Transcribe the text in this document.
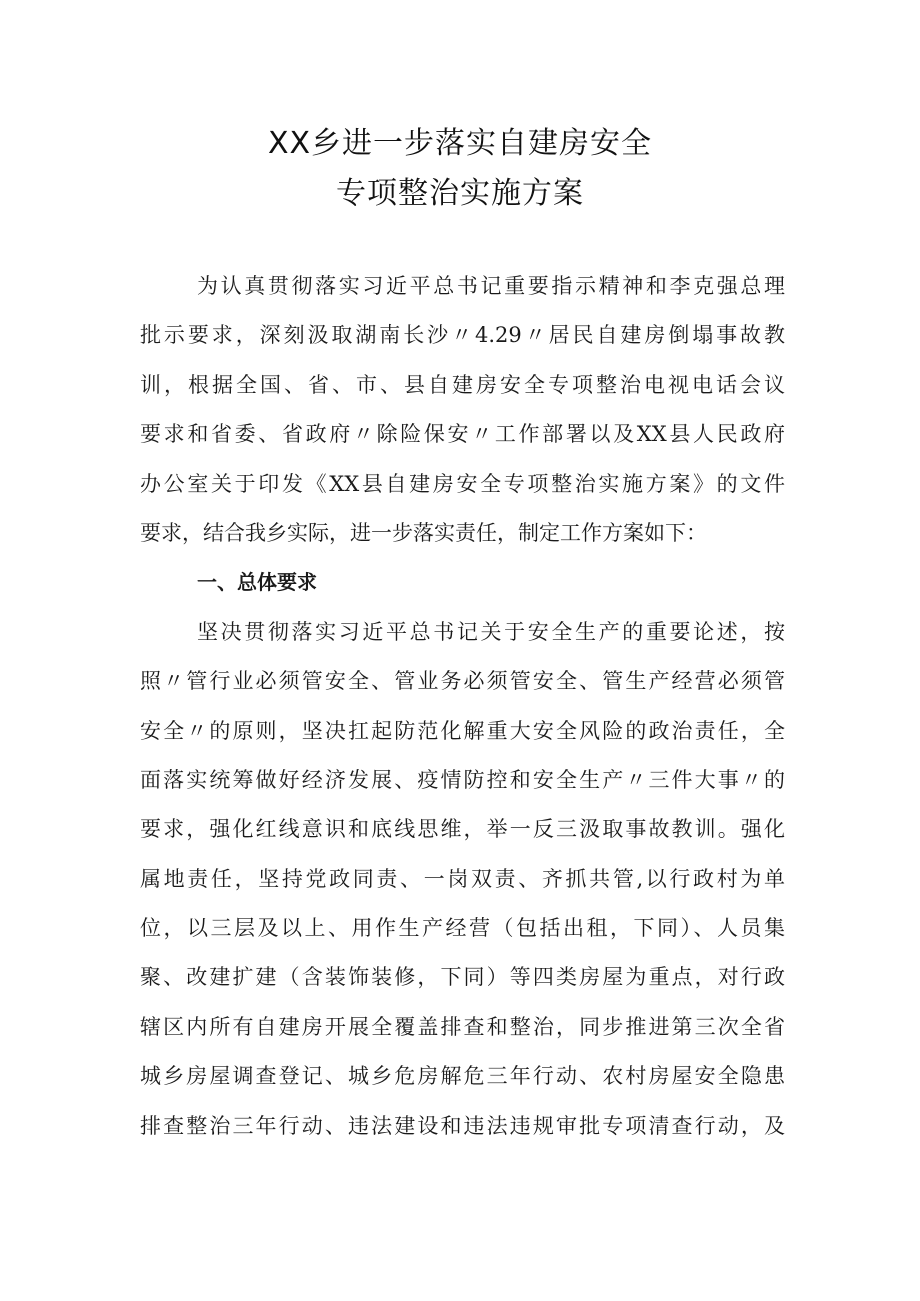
XX乡进一步落实自建房安全
专项整治实施方案
为认真贯彻落实习近平总书记重要指示精神和李克强总理
批示要求，深刻汲取湖南长沙〃4.29〃居民自建房倒塌事故教
训，根据全国、省、市、县自建房安全专项整治电视电话会议
要求和省委、省政府〃除险保安〃工作部署以及XX县人民政府
办公室关于印发《XX县自建房安全专项整治实施方案》的文件
要求，结合我乡实际，进一步落实责任，制定工作方案如下：
一、总体要求
坚决贯彻落实习近平总书记关于安全生产的重要论述，按
照〃管行业必须管安全、管业务必须管安全、管生产经营必须管
安全〃的原则，坚决扛起防范化解重大安全风险的政治责任，全
面落实统筹做好经济发展、疫情防控和安全生产〃三件大事〃的
要求，强化红线意识和底线思维，举一反三汲取事故教训。强化
属地责任，坚持党政同责、一岗双责、齐抓共管,以行政村为单
位，以三层及以上、用作生产经营（包括出租，下同）、人员集
聚、改建扩建（含装饰装修，下同）等四类房屋为重点，对行政
辖区内所有自建房开展全覆盖排查和整治，同步推进第三次全省
城乡房屋调查登记、城乡危房解危三年行动、农村房屋安全隐患
排查整治三年行动、违法建设和违法违规审批专项清查行动，及
